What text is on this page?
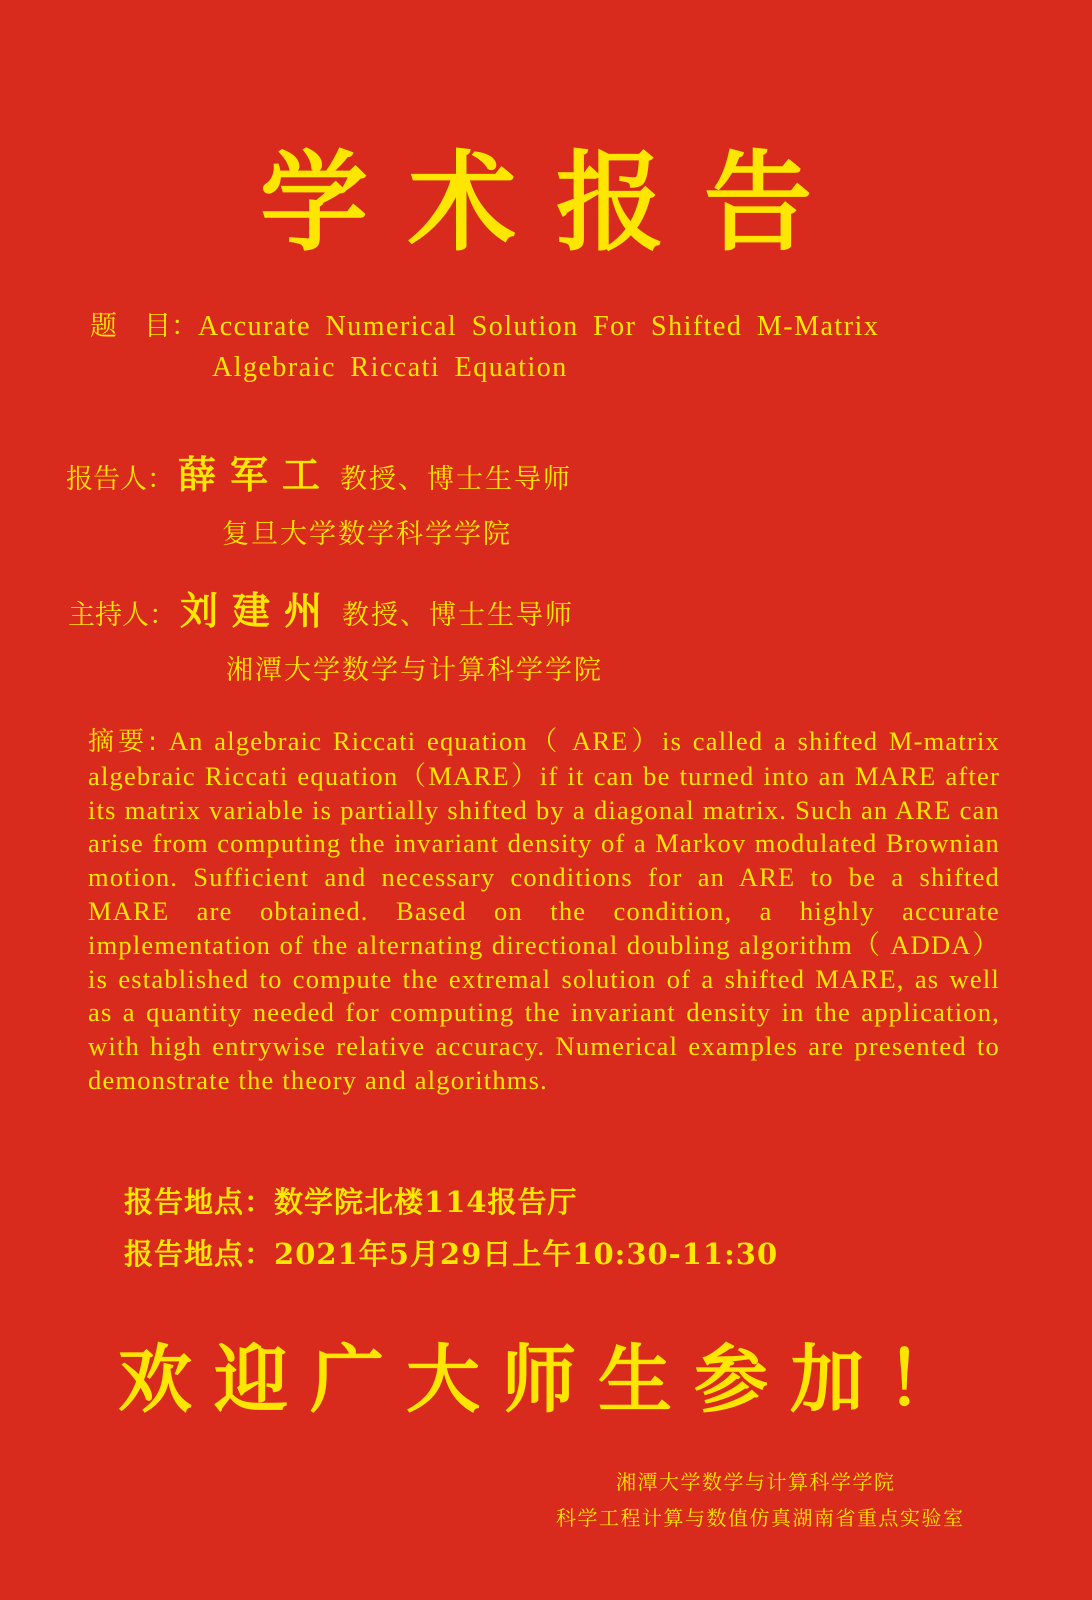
学术报告
题　目：Accurate Numerical Solution For Shifted M-Matrix
Algebraic Riccati Equation
报告人： 薛军工 教授、博士生导师
复旦大学数学科学学院
主持人： 刘建州 教授、博士生导师
湘潭大学数学与计算科学学院
摘要: An algebraic Riccati equation（ ARE）is called a shifted M-matrix algebraic Riccati equation（MARE）if it can be turned into an MARE after its matrix variable is partially shifted by a diagonal matrix. Such an ARE can arise from computing the invariant density of a Markov modulated Brownian motion. Sufficient and necessary conditions for an ARE to be a shifted MARE are obtained. Based on the condition, a highly accurate implementation of the alternating directional doubling algorithm（ ADDA）is established to compute the extremal solution of a shifted MARE, as well as a quantity needed for computing the invariant density in the application, with high entrywise relative accuracy. Numerical examples are presented to demonstrate the theory and algorithms.
报告地点：数学院北楼114报告厅
报告地点：2021年5月29日上午10:30-11:30
欢迎广大师生参加！
湘潭大学数学与计算科学学院
科学工程计算与数值仿真湖南省重点实验室
